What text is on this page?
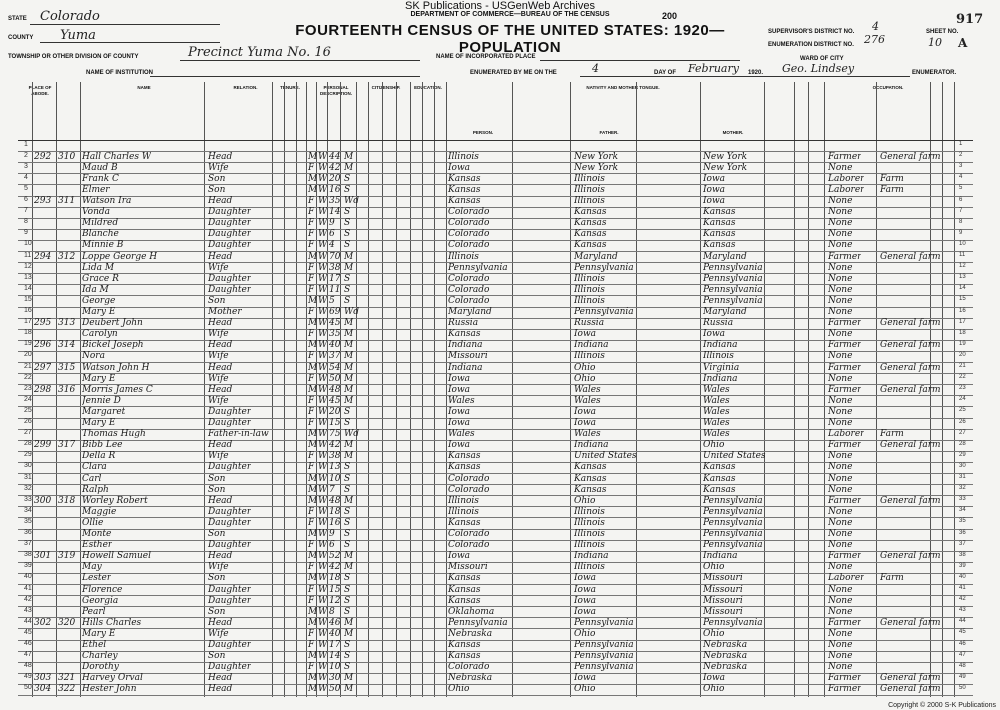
SK Publications - USGenWeb Archives
DEPARTMENT OF COMMERCE—BUREAU OF THE CENSUS	200
FOURTEENTH CENSUS OF THE UNITED STATES: 1920—POPULATION
STATE Colorado
COUNTY Yuma
TOWNSHIP OR OTHER DIVISION OF COUNTY	Precinct Yuma No. 16	NAME OF INCORPORATED PLACE
NAME OF INSTITUTION	ENUMERATED BY ME ON THE	4	DAY OF February 1920. Geo. Lindsey	ENUMERATOR.
SUPERVISOR'S DISTRICT NO. 4
ENUMERATION DISTRICT NO. 276
WARD OF CITY
SHEET NO.
10 A
917
PLACE OF ABODE.
NAME	RELATION.	TENURE.	PERSONAL DESCRIPTION.
CITIZENSHIP.	EDUCATION.	NATIVITY AND MOTHER TONGUE.
PERSON.	FATHER.	MOTHER.
OCCUPATION.
1	1
2 292 310 Hall Charles W	Head	M W 44 M	Illinois	New York	New York	Farmer General farm	2
3	Maud B	Wife	F W 42 M	Iowa	New York	New York	None	3
4	Frank C	Son	M W 20 S	Kansas	Illinois	Iowa	Laborer Farm	4
5	Elmer	Son	M W 16 S	Kansas	Illinois	Iowa	Laborer Farm	5
6 293 311 Watson Ira	Head	F W 35 Wd	Kansas	Illinois	Iowa	None	6
7	Vonda	Daughter	F W 14 S	Colorado	Kansas	Kansas	None	7
8	Mildred	Daughter	F W 9 S	Colorado	Kansas	Kansas	None	8
9	Blanche	Daughter	F W 6 S	Colorado	Kansas	Kansas	None	9
10	Minnie B	Daughter	F W 4 S	Colorado	Kansas	Kansas	None	10
11 294 312 Loppe George H	Head	M W 70 M	Illinois	Maryland	Maryland	Farmer General farm	11
12	Lida M	Wife	F W 38 M	Pennsylvania	Pennsylvania	Pennsylvania	None	12
13	Grace R	Daughter	F W 17 S	Colorado	Illinois	Pennsylvania	None	13
14	Ida M	Daughter	F W 11 S	Colorado	Illinois	Pennsylvania	None	14
15	George	Son	M W 5 S	Colorado	Illinois	Pennsylvania	None	15
16	Mary E	Mother	F W 69 Wd	Maryland	Pennsylvania	Maryland	None	16
17 295 313 Deubert John	Head	M W 45 M	Russia	Russia	Russia	Farmer General farm	17
18	Carolyn	Wife	F W 35 M	Kansas	Iowa	Iowa	None	18
19 296 314 Bickel Joseph	Head	M W 40 M	Indiana	Indiana	Indiana	Farmer General farm	19
20	Nora	Wife	F W 37 M	Missouri	Illinois	Illinois	None	20
21 297 315 Watson John H	Head	M W 54 M	Indiana	Ohio	Virginia	Farmer General farm	21
22	Mary E	Wife	F W 50 M	Iowa	Ohio	Indiana	None	22
23 298 316 Morris James C	Head	M W 48 M	Iowa	Wales	Wales	Farmer General farm	23
24	Jennie D	Wife	F W 45 M	Wales	Wales	Wales	None	24
25	Margaret	Daughter	F W 20 S	Iowa	Iowa	Wales	None	25
26	Mary E	Daughter	F W 15 S	Iowa	Iowa	Wales	None	26
27	Thomas Hugh	Father-in-law	M W 75 Wd	Wales	Wales	Wales	Laborer Farm	27
28 299 317 Bibb Lee	Head	M W 42 M	Iowa	Indiana	Ohio	Farmer General farm	28
29	Della R	Wife	F W 38 M	Kansas	United States	United States	None	29
30	Clara	Daughter	F W 13 S	Kansas	Kansas	Kansas	None	30
31	Carl	Son	M W 10 S	Colorado	Kansas	Kansas	None	31
32	Ralph	Son	M W 7 S	Colorado	Kansas	Kansas	None	32
33 300 318 Worley Robert	Head	M W 48 M	Illinois	Ohio	Pennsylvania	Farmer General farm	33
34	Maggie	Daughter	F W 18 S	Illinois	Illinois	Pennsylvania	None	34
35	Ollie	Daughter	F W 16 S	Kansas	Illinois	Pennsylvania	None	35
36	Monte	Son	M W 9 S	Colorado	Illinois	Pennsylvania	None	36
37	Esther	Daughter	F W 6 S	Colorado	Illinois	Pennsylvania	None	37
38 301 319 Howell Samuel	Head	M W 52 M	Iowa	Indiana	Indiana	Farmer General farm	38
39	May	Wife	F W 42 M	Missouri	Illinois	Ohio	None	39
40	Lester	Son	M W 18 S	Kansas	Iowa	Missouri	Laborer Farm	40
41	Florence	Daughter	F W 15 S	Kansas	Iowa	Missouri	None	41
42	Georgia	Daughter	F W 12 S	Kansas	Iowa	Missouri	None	42
43	Pearl	Son	M W 8 S	Oklahoma	Iowa	Missouri	None	43
44 302 320 Hills Charles	Head	M W 46 M	Pennsylvania	Pennsylvania	Pennsylvania	Farmer General farm	44
45	Mary E	Wife	F W 40 M	Nebraska	Ohio	Ohio	None	45
46	Ethel	Daughter	F W 17 S	Kansas	Pennsylvania	Nebraska	None	46
47	Charley	Son	M W 14 S	Kansas	Pennsylvania	Nebraska	None	47
48	Dorothy	Daughter	F W 10 S	Colorado	Pennsylvania	Nebraska	None	48
49 303 321 Harvey Orval	Head	M W 30 M	Nebraska	Iowa	Iowa	Farmer General farm	49
50 304 322 Hester John	Head	M W 50 M	Ohio	Ohio	Ohio	Farmer General farm	50
Copyright © 2000 S-K Publications
